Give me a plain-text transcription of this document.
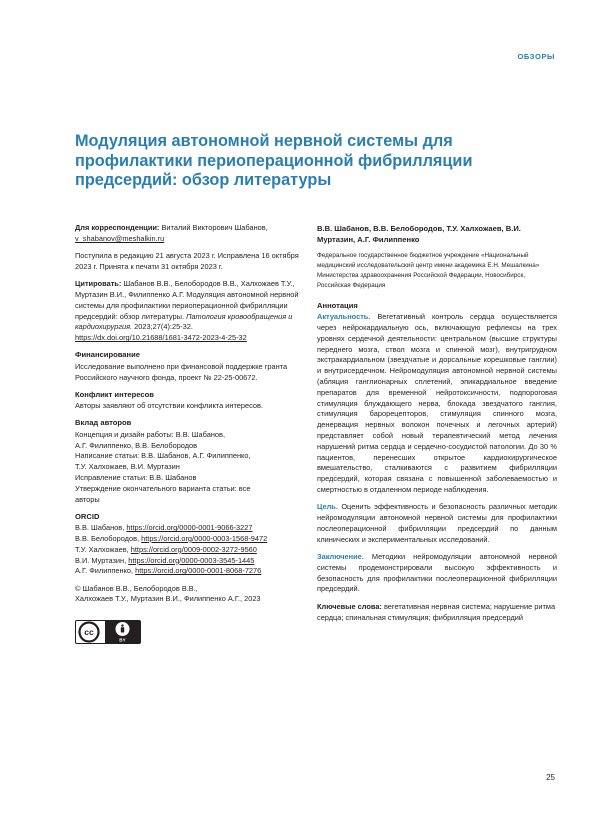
ОБЗОРЫ
Модуляция автономной нервной системы для профилактики периоперационной фибрилляции предсердий: обзор литературы
Для корреспонденции: Виталий Викторович Шабанов,
v_shabanov@meshalkin.ru
Поступила в редакцию 21 августа 2023 г. Исправлена 16 октября 2023 г. Принята к печати 31 октября 2023 г.
Цитировать: Шабанов В.В., Белобородов В.В., Халхожаев Т.У., Муртазин В.И., Филиппенко А.Г. Модуляция автономной нервной системы для профилактики периоперационной фибрилляции предсердий: обзор литературы. Патология кровообращения и кардиохирургия. 2023;27(4):25-32. https://dx.doi.org/10.21688/1681-3472-2023-4-25-32
Финансирование
Исследование выполнено при финансовой поддержке гранта Российского научного фонда, проект № 22-25-00672.
Конфликт интересов
Авторы заявляют об отсутствии конфликта интересов.
Вклад авторов
Концепция и дизайн работы: В.В. Шабанов,
А.Г. Филиппенко, В.В. Белобородов
Написание статьи: В.В. Шабанов, А.Г. Филиппенко,
Т.У. Халхожаев, В.И. Муртазин
Исправление статьи: В.В. Шабанов
Утверждение окончательного варианта статьи: все
авторы
ORCID
В.В. Шабанов, https://orcid.org/0000-0001-9066-3227
В.В. Белобородов, https://orcid.org/0000-0003-1568-9472
Т.У. Халхожаев, https://orcid.org/0009-0002-3272-9560
В.И. Муртазин, https://orcid.org/0000-0003-3545-1445
А.Г. Филиппенко, https://orcid.org/0000-0001-8068-7276
© Шабанов В.В., Белобородов В.В.,
Халхожаев Т.У., Муртазин В.И., Филиппенко А.Г., 2023
cc
BY
В.В. Шабанов, В.В. Белобородов, Т.У. Халхожаев, В.И. Муртазин, А.Г. Филиппенко
Федеральное государственное бюджетное учреждение «Национальный медицинский исследовательский центр имени академика Е.Н. Мешалкина» Министерства здравоохранения Российской Федерации, Новосибирск, Российская Федерация
Аннотация
Актуальность. Вегетативный контроль сердца осуществляется через нейрокардиальную ось, включающую рефлексы на трех уровнях сердечной деятельности: центральном (высшие структуры переднего мозга, ствол мозга и спинной мозг), внутригрудном экстракардиальном (звездчатые и дорсальные корешковые ганглии) и внутрисердечном. Нейромодуляция автономной нервной системы (абляция ганглионарных сплетений, эпикардиальное введение препаратов для временной нейротоксичности, подпороговая стимуляция блуждающего нерва, блокада звездчатого ганглия, стимуляция барорецепторов, стимуляция спинного мозга, денервация нервных волокон почечных и легочных артерий) представляет собой новый терапевтический метод лечения нарушений ритма сердца и сердечно-сосудистой патологии. До 30 % пациентов, перенесших открытое кардиохирургическое вмешательство, сталкиваются с развитием фибрилляции предсердий, которая связана с повышенной заболеваемостью и смертностью в отдаленном периоде наблюдения.
Цель. Оценить эффективность и безопасность различных методик нейромодуляции автономной нервной системы для профилактики послеоперационной фибрилляции предсердий по данным клинических и экспериментальных исследований.
Заключение. Методики нейромодуляции автономной нервной системы продемонстрировали высокую эффективность и безопасность для профилактики послеоперационной фибрилляции предсердий.
Ключевые слова: вегетативная нервная система; нарушение ритма сердца; спинальная стимуляция; фибрилляция предсердий
25
